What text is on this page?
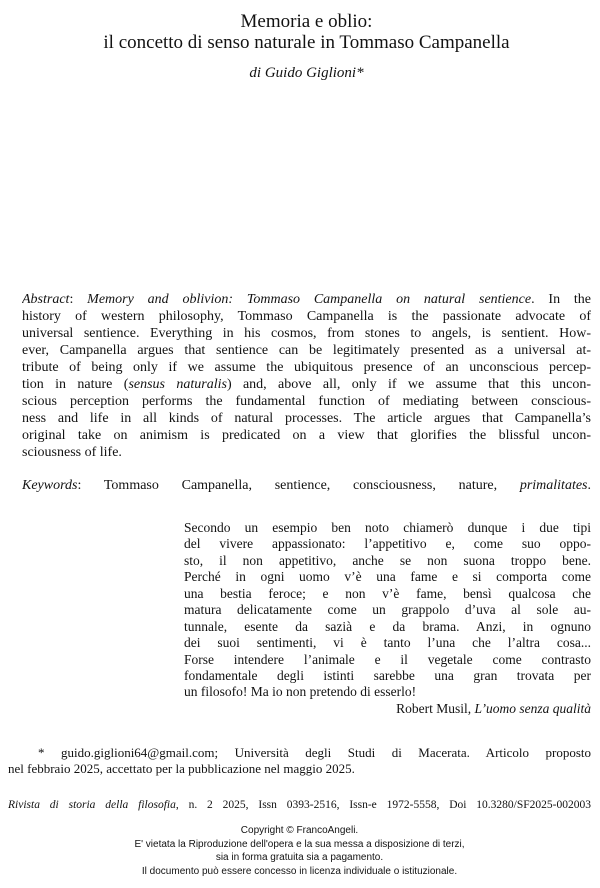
Memoria e oblio:
il concetto di senso naturale in Tommaso Campanella
di Guido Giglioni*
Abstract: Memory and oblivion: Tommaso Campanella on natural sentience. In the
history of western philosophy, Tommaso Campanella is the passionate advocate of
universal sentience. Everything in his cosmos, from stones to angels, is sentient. How-
ever, Campanella argues that sentience can be legitimately presented as a universal at-
tribute of being only if we assume the ubiquitous presence of an unconscious percep-
tion in nature (sensus naturalis) and, above all, only if we assume that this uncon-
scious perception performs the fundamental function of mediating between conscious-
ness and life in all kinds of natural processes. The article argues that Campanella’s
original take on animism is predicated on a view that glorifies the blissful uncon-
sciousness of life.
Keywords: Tommaso Campanella, sentience, consciousness, nature, primalitates.
Secondo un esempio ben noto chiamerò dunque i due tipi
del vivere appassionato: l’appetitivo e, come suo oppo-
sto, il non appetitivo, anche se non suona troppo bene.
Perché in ogni uomo v’è una fame e si comporta come
una bestia feroce; e non v’è fame, bensì qualcosa che
matura delicatamente come un grappolo d’uva al sole au-
tunnale, esente da sazià e da brama. Anzi, in ognuno
dei suoi sentimenti, vi è tanto l’una che l’altra cosa...
Forse intendere l’animale e il vegetale come contrasto
fondamentale degli istinti sarebbe una gran trovata per
un filosofo! Ma io non pretendo di esserlo!
Robert Musil, L’uomo senza qualità
* guido.giglioni64@gmail.com; Università degli Studi di Macerata. Articolo proposto
nel febbraio 2025, accettato per la pubblicazione nel maggio 2025.
Rivista di storia della filosofia, n. 2 2025, Issn 0393-2516, Issn-e 1972-5558, Doi 10.3280/SF2025-002003
Copyright © FrancoAngeli.
E' vietata la Riproduzione dell'opera e la sua messa a disposizione di terzi,
sia in forma gratuita sia a pagamento.
Il documento può essere concesso in licenza individuale o istituzionale.
